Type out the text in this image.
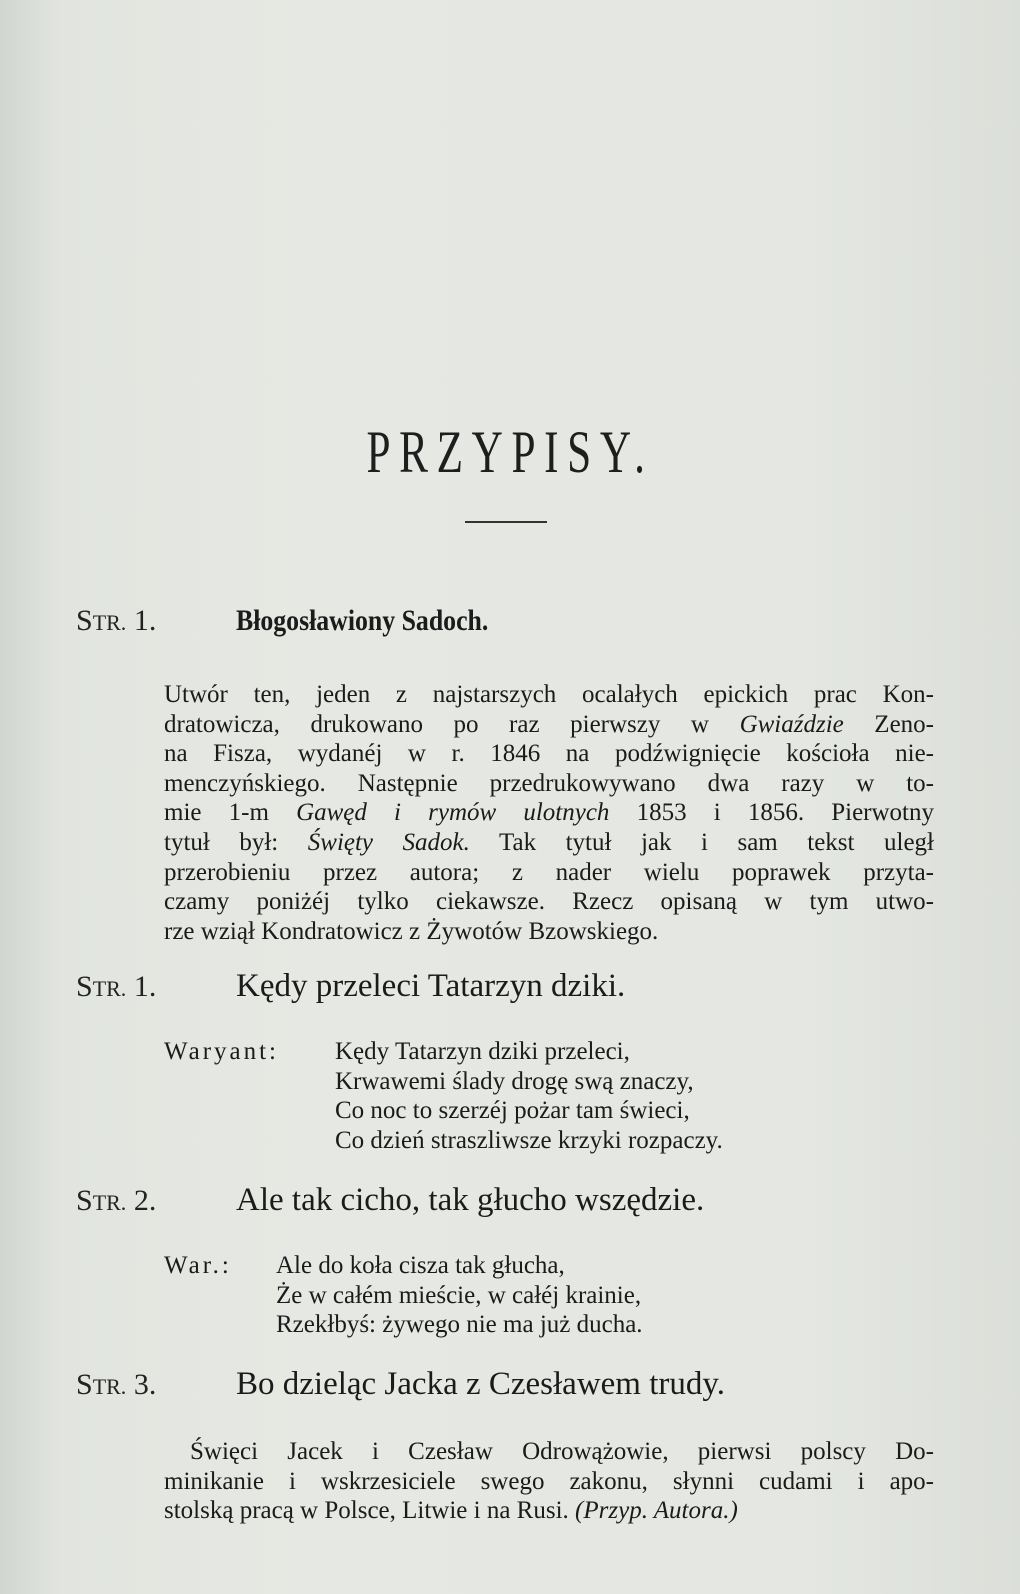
PRZYPISY.
STR. 1.	Błogosławiony Sadoch.
Utwór ten, jeden z najstarszych ocalałych epickich prac Kon-
dratowicza, drukowano po raz pierwszy w Gwiaździe Zeno-
na Fisza, wydanéj w r. 1846 na podźwignięcie kościoła nie-
menczyńskiego. Następnie przedrukowywano dwa razy w to-
mie 1-m Gawęd i rymów ulotnych 1853 i 1856. Pierwotny
tytuł był: Święty Sadok. Tak tytuł jak i sam tekst uległ
przerobieniu przez autora; z nader wielu poprawek przyta-
czamy poniżéj tylko ciekawsze. Rzecz opisaną w tym utwo-
rze wziął Kondratowicz z Żywotów Bzowskiego.
STR. 1. Kędy przeleci Tatarzyn dziki.
Waryant: Kędy Tatarzyn dziki przeleci,
Krwawemi ślady drogę swą znaczy,
Co noc to szerzéj pożar tam świeci,
Co dzień straszliwsze krzyki rozpaczy.
STR. 2. Ale tak cicho, tak głucho wszędzie.
War.: Ale do koła cisza tak głucha,
Że w całém mieście, w całéj krainie,
Rzekłbyś: żywego nie ma już ducha.
STR. 3. Bo dzieląc Jacka z Czesławem trudy.
Święci Jacek i Czesław Odrowążowie, pierwsi polscy Do-
minikanie i wskrzesiciele swego zakonu, słynni cudami i apo-
stolską pracą w Polsce, Litwie i na Rusi. (Przyp. Autora.)
